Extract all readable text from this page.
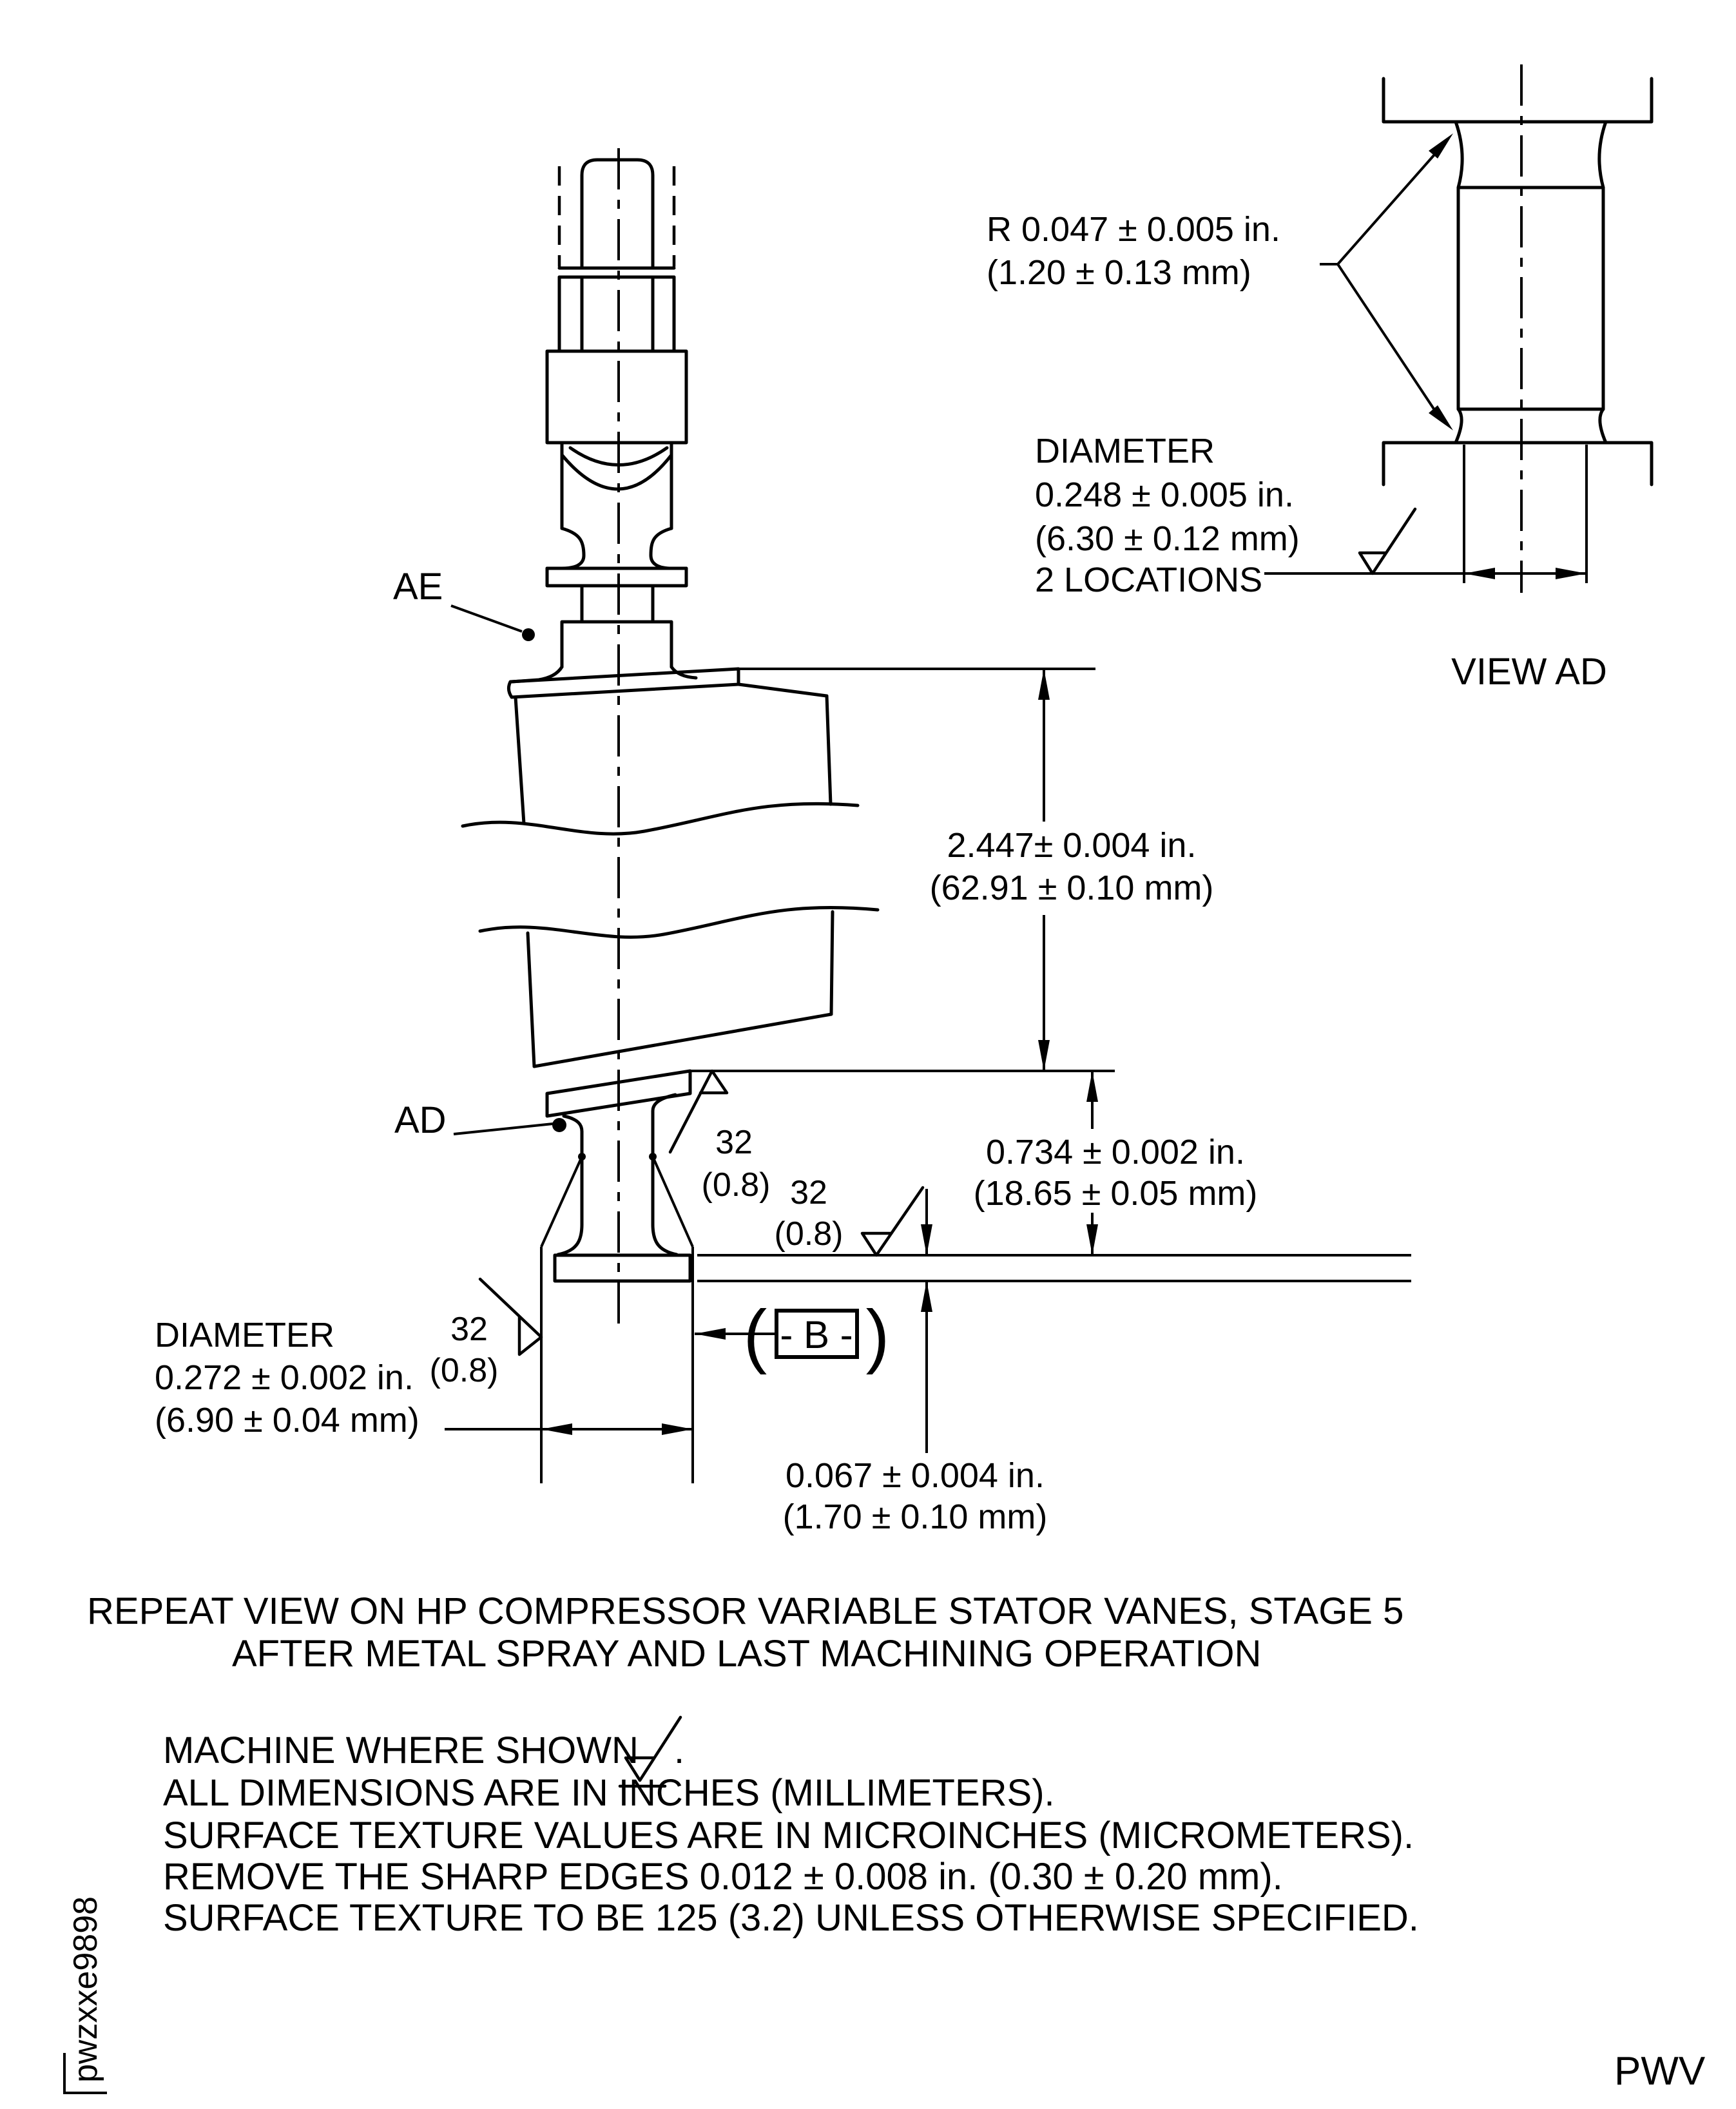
R 0.047 ± 0.005 in.
(1.20 ± 0.13 mm)
DIAMETER
0.248 ± 0.005 in.
(6.30 ± 0.12 mm)
2 LOCATIONS
VIEW AD
AE
AD
2.447± 0.004 in.
(62.91 ± 0.10 mm)
0.734 ± 0.002 in.
(18.65 ± 0.05 mm)
32
(0.8) 32
(0.8)
32
(0.8)
DIAMETER
0.272 ± 0.002 in.
(6.90 ± 0.04 mm)
( - B - )
0.067 ± 0.004 in.
(1.70 ± 0.10 mm)
REPEAT VIEW ON HP COMPRESSOR VARIABLE STATOR VANES, STAGE 5
AFTER METAL SPRAY AND LAST MACHINING OPERATION
MACHINE WHERE SHOWN .
ALL DIMENSIONS ARE IN INCHES (MILLIMETERS).
SURFACE TEXTURE VALUES ARE IN MICROINCHES (MICROMETERS).
REMOVE THE SHARP EDGES 0.012 ± 0.008 in. (0.30 ± 0.20 mm).
SURFACE TEXTURE TO BE 125 (3.2) UNLESS OTHERWISE SPECIFIED.
pwzxxe9898	PWV
